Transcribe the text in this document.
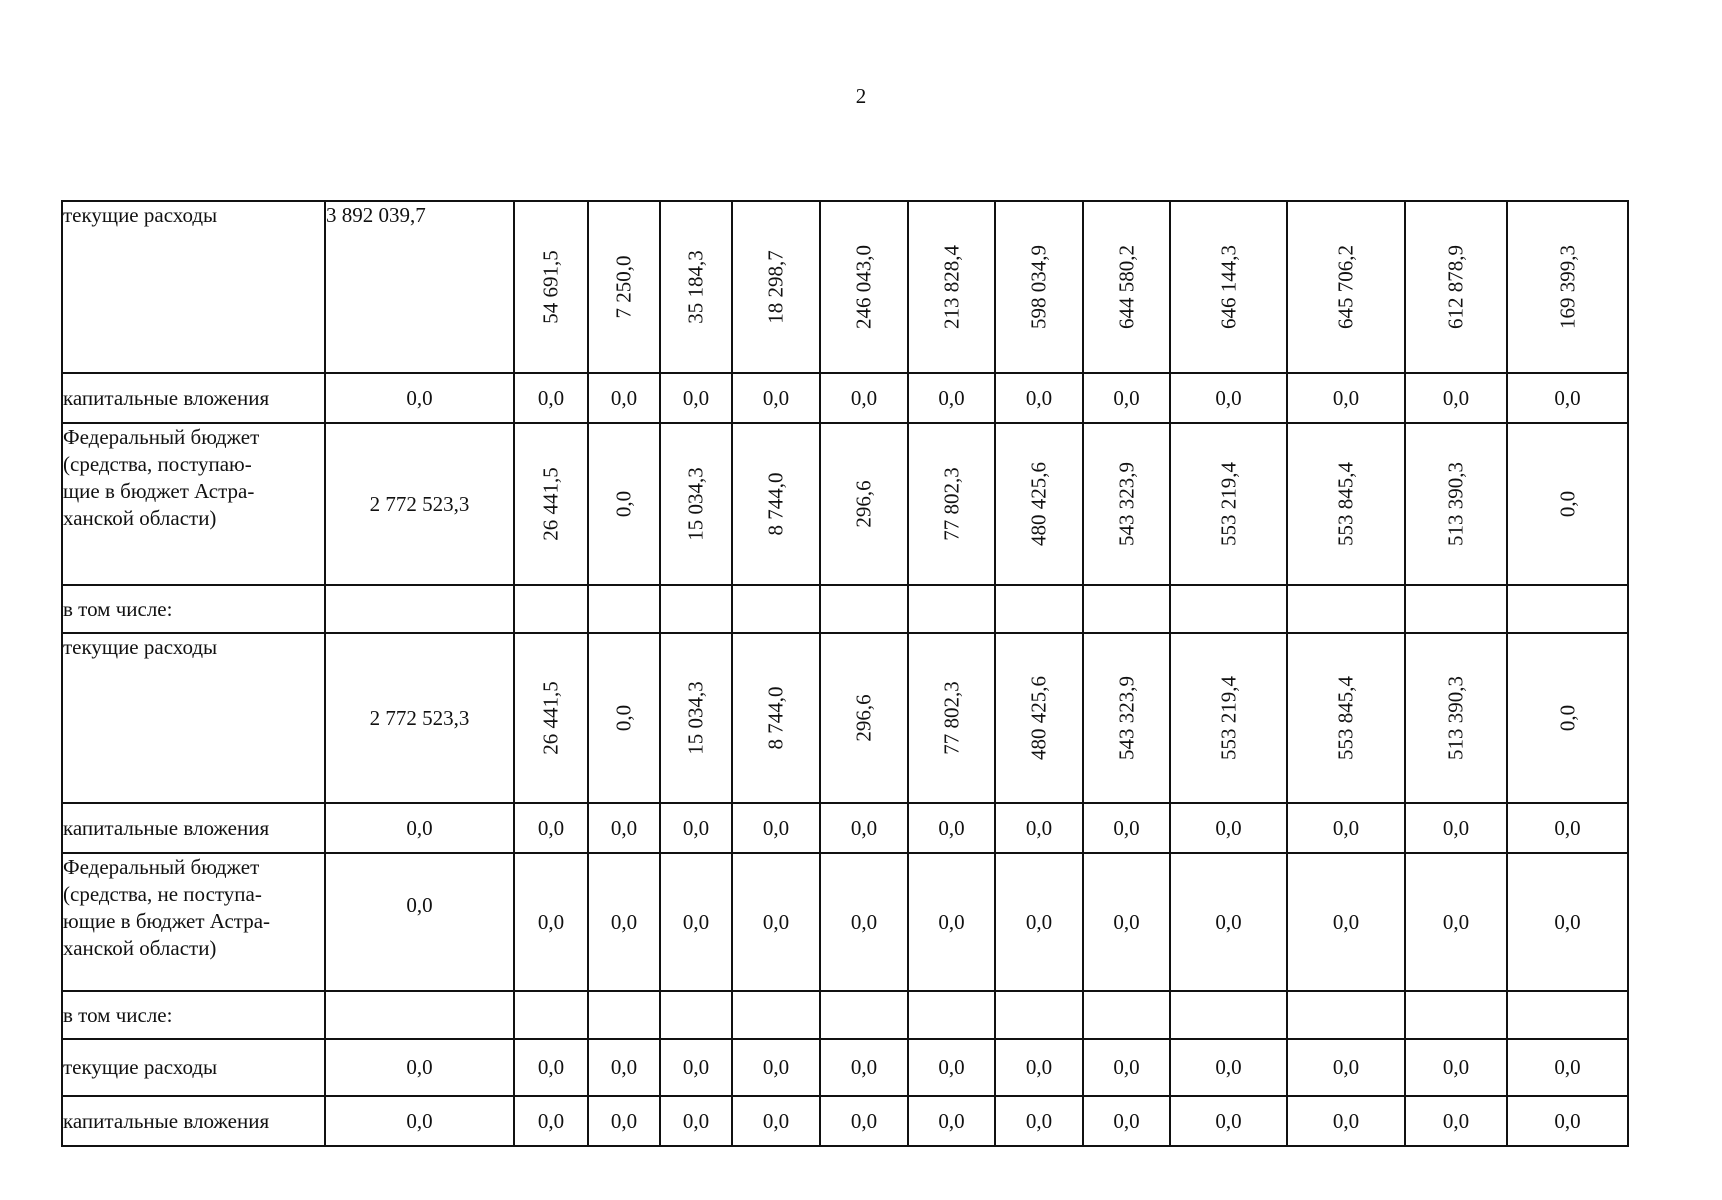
2
текущие расходы	3 892 039,7	54 691,5	7 250,0	35 184,3	18 298,7	246 043,0	213 828,4	598 034,9	644 580,2	646 144,3	645 706,2	612 878,9	169 399,3

капитальные вложения	0,0	0,0	0,0	0,0	0,0	0,0	0,0	0,0	0,0	0,0	0,0	0,0	0,0

Федеральный бюджет
(средства, поступаю-
щие в бюджет Астра-
ханской области)	2 772 523,3	26 441,5	0,0	15 034,3	8 744,0	296,6	77 802,3	480 425,6	543 323,9	553 219,4	553 845,4	513 390,3	0,0

в том числе:													
текущие расходы	2 772 523,3	26 441,5	0,0	15 034,3	8 744,0	296,6	77 802,3	480 425,6	543 323,9	553 219,4	553 845,4	513 390,3	0,0

капитальные вложения	0,0	0,0	0,0	0,0	0,0	0,0	0,0	0,0	0,0	0,0	0,0	0,0	0,0

Федеральный бюджет
(средства, не поступа-
ющие в бюджет Астра-
ханской области)	0,0	0,0	0,0	0,0	0,0	0,0	0,0	0,0	0,0	0,0	0,0	0,0	0,0
в том числе:													
текущие расходы	0,0	0,0	0,0	0,0	0,0	0,0	0,0	0,0	0,0	0,0	0,0	0,0	0,0
капитальные вложения	0,0	0,0	0,0	0,0	0,0	0,0	0,0	0,0	0,0	0,0	0,0	0,0	0,0
